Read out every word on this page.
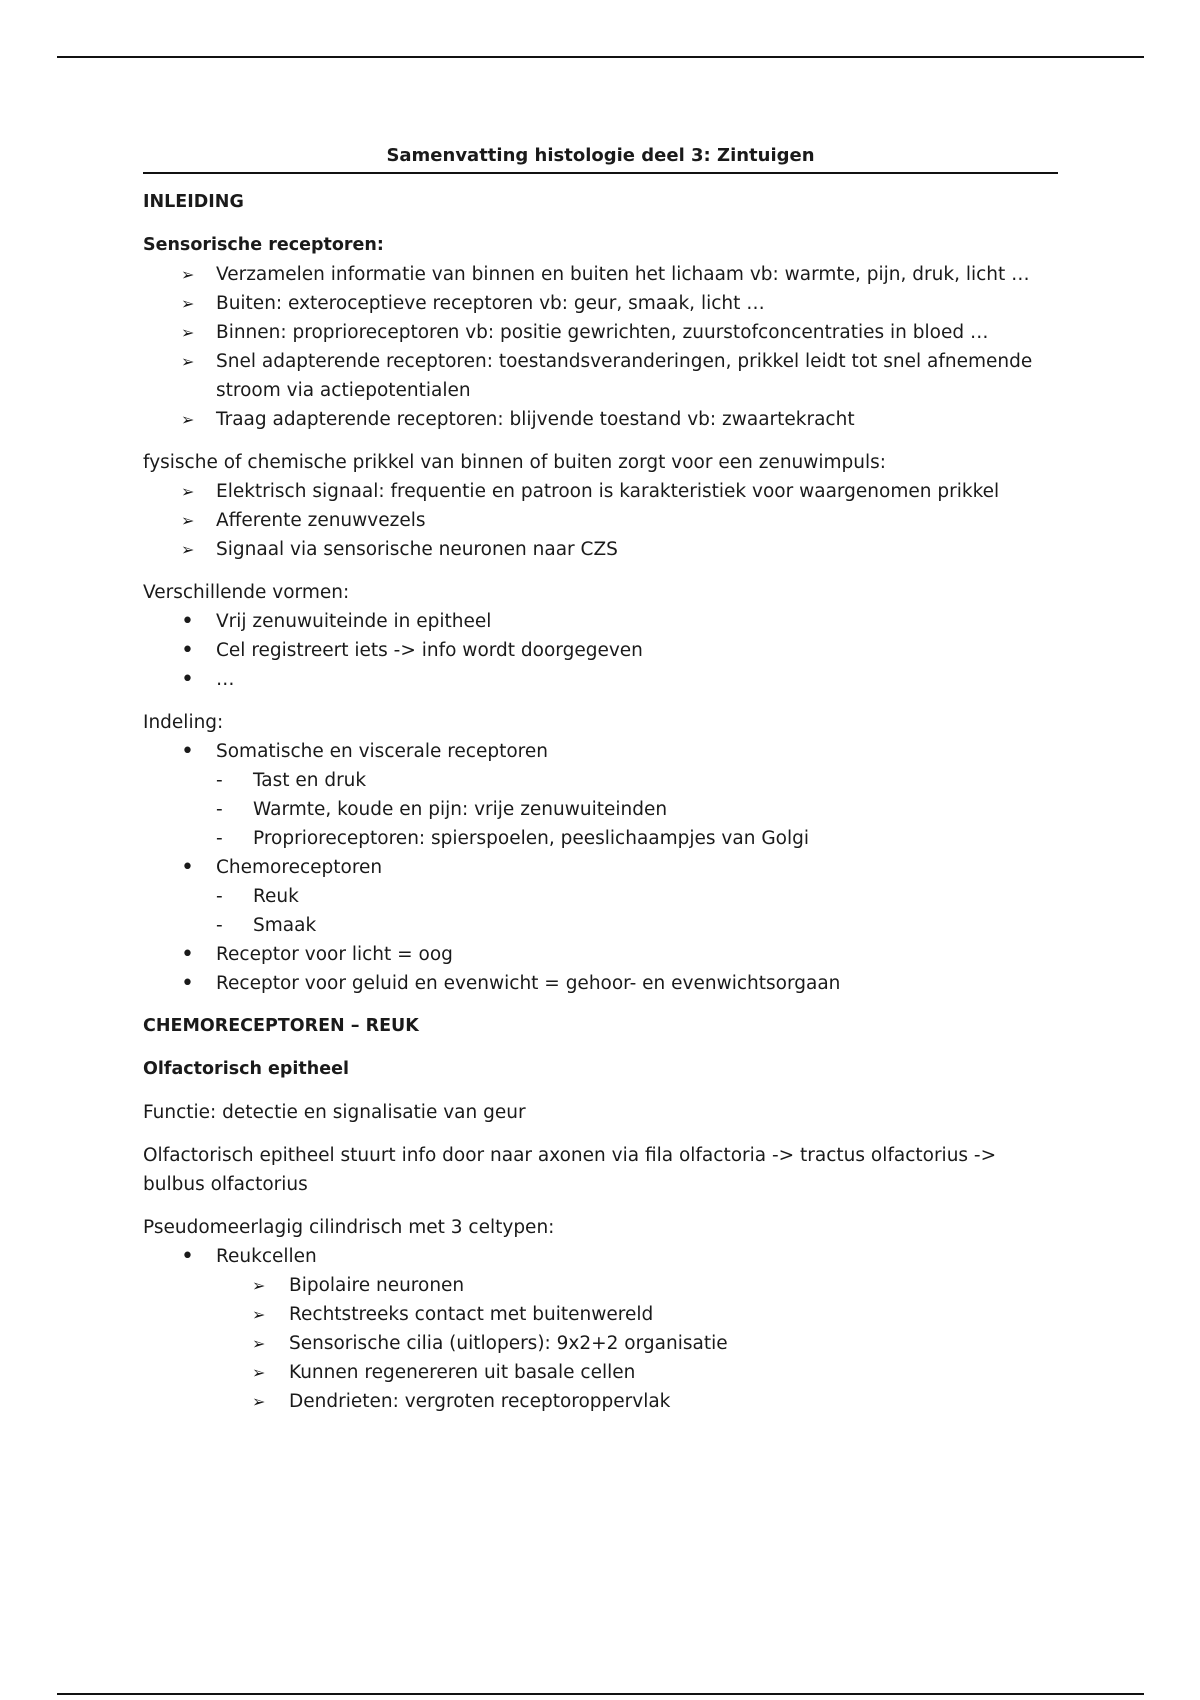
Samenvatting histologie deel 3: Zintuigen

INLEIDING

Sensorische receptoren:

➢	Verzamelen informatie van binnen en buiten het lichaam vb: warmte, pijn, druk, licht …
➢	Buiten: exteroceptieve receptoren vb: geur, smaak, licht …
➢	Binnen: proprioreceptoren vb: positie gewrichten, zuurstofconcentraties in bloed …
➢	Snel adapterende receptoren: toestandsveranderingen, prikkel leidt tot snel afnemende stroom via actiepotentialen
➢	Traag adapterende receptoren: blijvende toestand vb: zwaartekracht

fysische of chemische prikkel van binnen of buiten zorgt voor een zenuwimpuls:

➢	Elektrisch signaal: frequentie en patroon is karakteristiek voor waargenomen prikkel
➢	Afferente zenuwvezels
➢	Signaal via sensorische neuronen naar CZS

Verschillende vormen:

•	Vrij zenuwuiteinde in epitheel
•	Cel registreert iets -> info wordt doorgegeven
•	…

Indeling:

•	Somatische en viscerale receptoren
- Tast en druk
- Warmte, koude en pijn: vrije zenuwuiteinden
- Proprioreceptoren: spierspoelen, peeslichaampjes van Golgi
•	Chemoreceptoren
- Reuk
- Smaak
•	Receptor voor licht = oog
•	Receptor voor geluid en evenwicht = gehoor- en evenwichtsorgaan

CHEMORECEPTOREN – REUK

Olfactorisch epitheel

Functie: detectie en signalisatie van geur

Olfactorisch epitheel stuurt info door naar axonen via fila olfactoria -> tractus olfactorius -> bulbus olfactorius

Pseudomeerlagig cilindrisch met 3 celtypen:

•	Reukcellen
➢	Bipolaire neuronen
➢	Rechtstreeks contact met buitenwereld
➢	Sensorische cilia (uitlopers): 9x2+2 organisatie
➢	Kunnen regenereren uit basale cellen
➢	Dendrieten: vergroten receptoroppervlak
